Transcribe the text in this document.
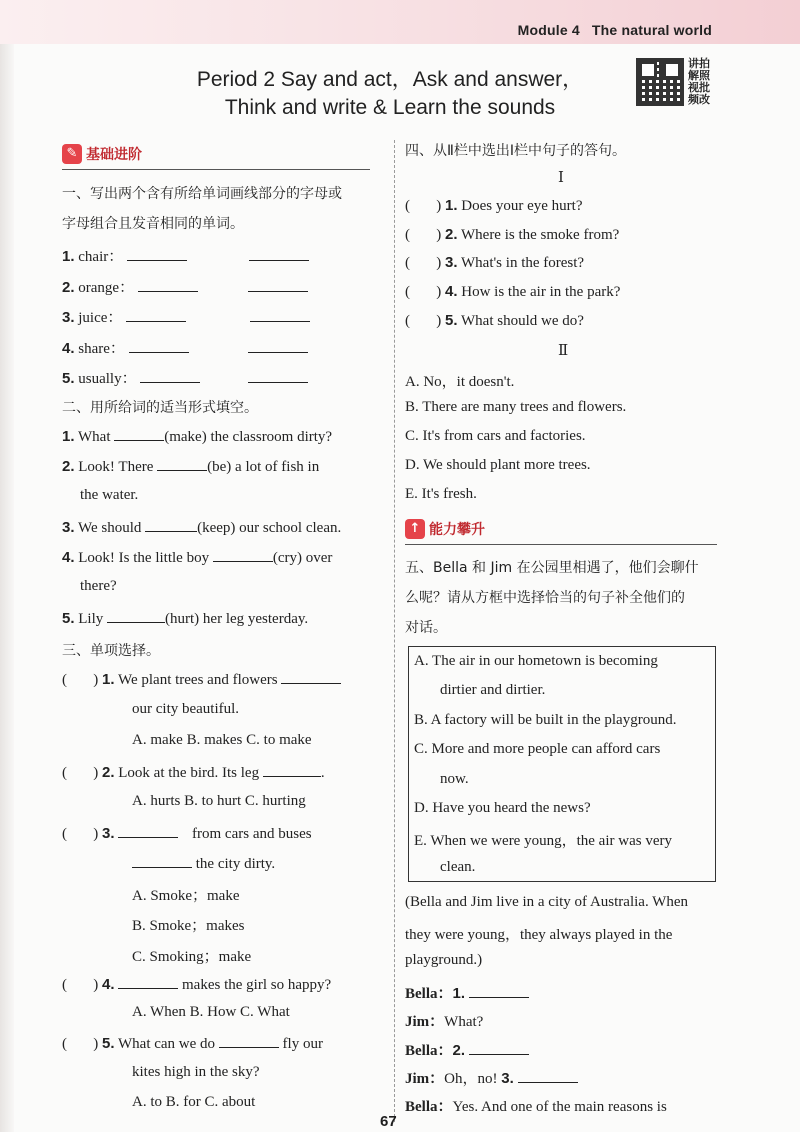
Module 4 The natural world
Period 2 Say and act，Ask and answer，
Think and write & Learn the sounds
讲拍
解照
视批
频改
✎ 基础进阶
一、写出两个含有所给单词画线部分的字母或
字母组合且发音相同的单词。
1. chair：
2. orange：
3. juice：
4. share：
5. usually：
二、用所给词的适当形式填空。
1. What	(make) the classroom dirty?
2. Look! There	(be) a lot of fish in
the water.
3. We should	(keep) our school clean.
4. Look! Is the little boy	(cry) over
there?
5. Lily	(hurt) her leg yesterday.
三、单项选择。
(       ) 1. We plant trees and flowers
our city beautiful.
A. make B. makes C. to make
(       ) 2. Look at the bird. Its leg	.
A. hurts B. to hurt C. hurting
(       ) 3.	from cars and buses
the city dirty.
A. Smoke；make
B. Smoke；makes
C. Smoking；make
(       ) 4.	makes the girl so happy?
A. When B. How C. What
(       ) 5. What can we do	fly our
kites high in the sky?
A. to B. for C. about
四、从Ⅱ栏中选出Ⅰ栏中句子的答句。
Ⅰ
(       ) 1. Does your eye hurt?
(       ) 2. Where is the smoke from?
(       ) 3. What's in the forest?
(       ) 4. How is the air in the park?
(       ) 5. What should we do?
Ⅱ
A. No，it doesn't.
B. There are many trees and flowers.
C. It's from cars and factories.
D. We should plant more trees.
E. It's fresh.
↑ 能力攀升
五、Bella 和 Jim 在公园里相遇了，他们会聊什
么呢？请从方框中选择恰当的句子补全他们的
对话。
A. The air in our hometown is becoming
dirtier and dirtier.
B. A factory will be built in the playground.
C. More and more people can afford cars
now.
D. Have you heard the news?
E. When we were young，the air was very
clean.
(Bella and Jim live in a city of Australia. When
they were young，they always played in the
playground.)
Bella：1.
Jim：What?
Bella：2.
Jim：Oh，no! 3.
Bella：Yes. And one of the main reasons is
67
